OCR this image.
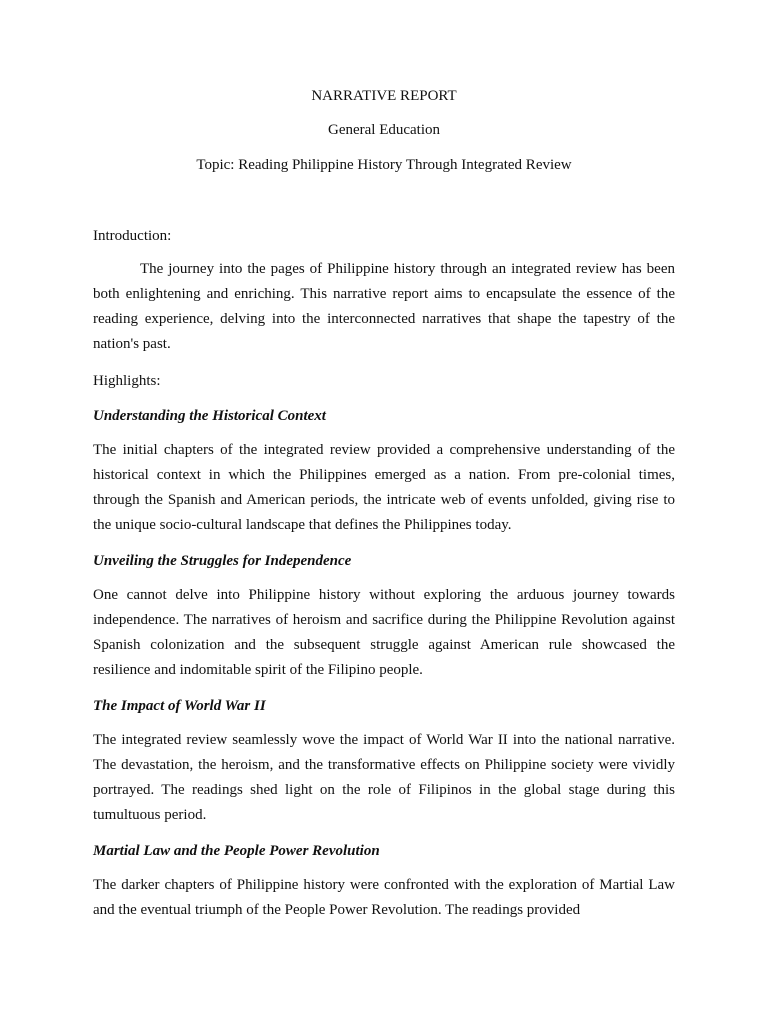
NARRATIVE REPORT

General Education

Topic: Reading Philippine History Through Integrated Review

Introduction:

The journey into the pages of Philippine history through an integrated review has been both enlightening and enriching. This narrative report aims to encapsulate the essence of the reading experience, delving into the interconnected narratives that shape the tapestry of the nation's past.

Highlights:

Understanding the Historical Context

The initial chapters of the integrated review provided a comprehensive understanding of the historical context in which the Philippines emerged as a nation. From pre-colonial times, through the Spanish and American periods, the intricate web of events unfolded, giving rise to the unique socio-cultural landscape that defines the Philippines today.

Unveiling the Struggles for Independence

One cannot delve into Philippine history without exploring the arduous journey towards independence. The narratives of heroism and sacrifice during the Philippine Revolution against Spanish colonization and the subsequent struggle against American rule showcased the resilience and indomitable spirit of the Filipino people.

The Impact of World War II

The integrated review seamlessly wove the impact of World War II into the national narrative. The devastation, the heroism, and the transformative effects on Philippine society were vividly portrayed. The readings shed light on the role of Filipinos in the global stage during this tumultuous period.

Martial Law and the People Power Revolution

The darker chapters of Philippine history were confronted with the exploration of Martial Law and the eventual triumph of the People Power Revolution. The readings provided
